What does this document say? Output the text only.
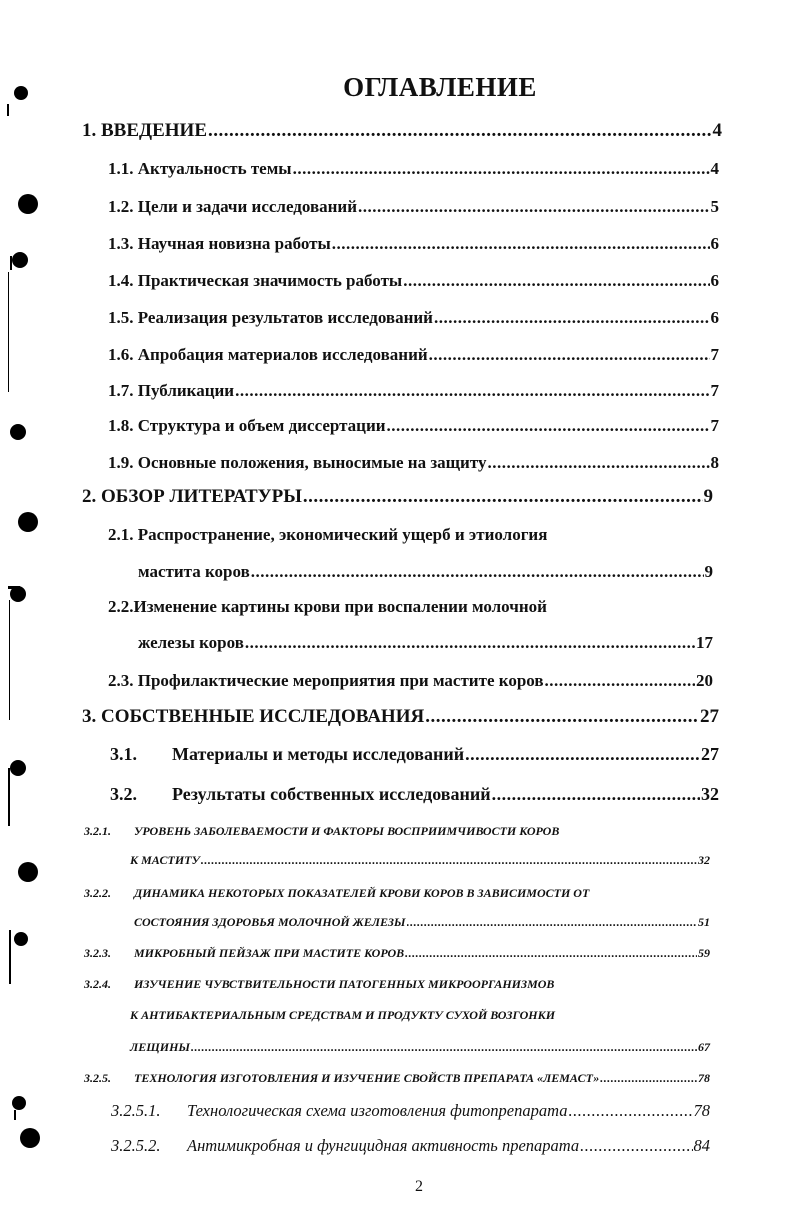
ОГЛАВЛЕНИЕ
1. ВВЕДЕНИЕ .....	4
1.1. Актуальность темы .....	4
1.2. Цели и задачи исследований .....	5
1.3. Научная новизна работы .....	6
1.4. Практическая значимость работы .....	6
1.5. Реализация результатов исследований .....	6
1.6. Апробация материалов исследований .....	7
1.7. Публикации .....	7
1.8. Структура и объем диссертации .....	7
1.9. Основные положения, выносимые на защиту .....	8
2. ОБЗОР ЛИТЕРАТУРЫ .....	9
2.1. Распространение, экономический ущерб и этиология
мастита коров .....	9
2.2.Изменение картины крови при воспалении молочной
железы коров .....	17
2.3. Профилактические мероприятия при мастите коров .....	20
3. СОБСТВЕННЫЕ ИССЛЕДОВАНИЯ .....	27
3.1. Материалы и методы исследований .....	27
3.2. Результаты собственных исследований .....	32
3.2.1. УРОВЕНЬ ЗАБОЛЕВАЕМОСТИ И ФАКТОРЫ ВОСПРИИМЧИВОСТИ КОРОВ
К МАСТИТУ .....	32
3.2.2. ДИНАМИКА НЕКОТОРЫХ ПОКАЗАТЕЛЕЙ КРОВИ КОРОВ В ЗАВИСИМОСТИ ОТ
СОСТОЯНИЯ ЗДОРОВЬЯ МОЛОЧНОЙ ЖЕЛЕЗЫ .....	51
3.2.3. МИКРОБНЫЙ ПЕЙЗАЖ ПРИ МАСТИТЕ КОРОВ .....	59
3.2.4. ИЗУЧЕНИЕ ЧУВСТВИТЕЛЬНОСТИ ПАТОГЕННЫХ МИКРООРГАНИЗМОВ
К АНТИБАКТЕРИАЛЬНЫМ СРЕДСТВАМ И ПРОДУКТУ СУХОЙ ВОЗГОНКИ
ЛЕЩИНЫ .....	67
3.2.5. ТЕХНОЛОГИЯ ИЗГОТОВЛЕНИЯ И ИЗУЧЕНИЕ СВОЙСТВ ПРЕПАРАТА «ЛЕМАСТ» .....	78
3.2.5.1. Технологическая схема изготовления фитопрепарата .....	78
3.2.5.2. Антимикробная и фунгицидная активность препарата .....	84
2
